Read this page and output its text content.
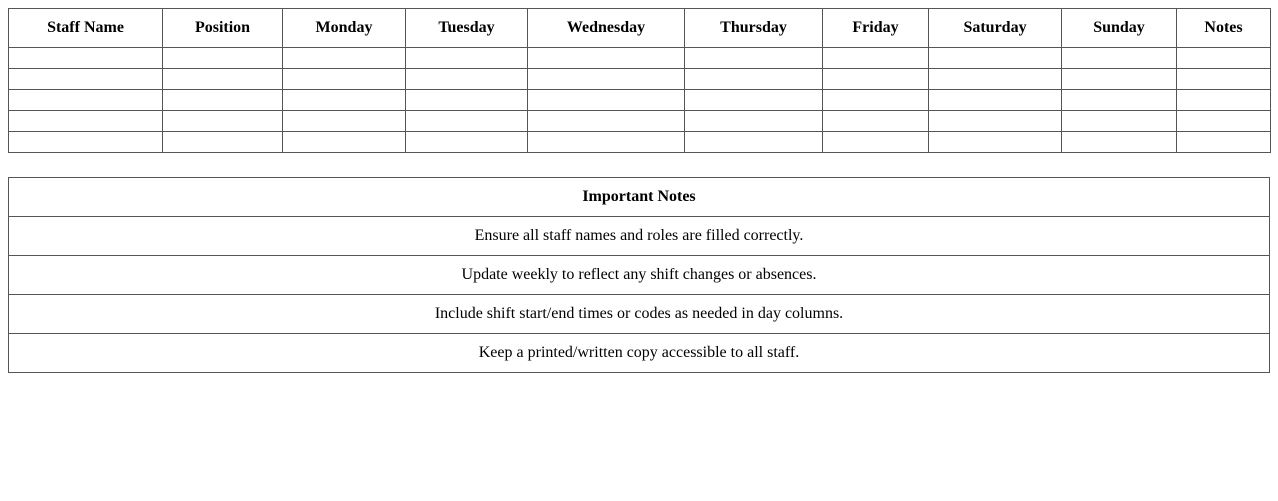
Staff Name	Position	Monday	Tuesday	Wednesday	Thursday	Friday	Saturday	Sunday	Notes

Important Notes
Ensure all staff names and roles are filled correctly.
Update weekly to reflect any shift changes or absences.
Include shift start/end times or codes as needed in day columns.
Keep a printed/written copy accessible to all staff.
